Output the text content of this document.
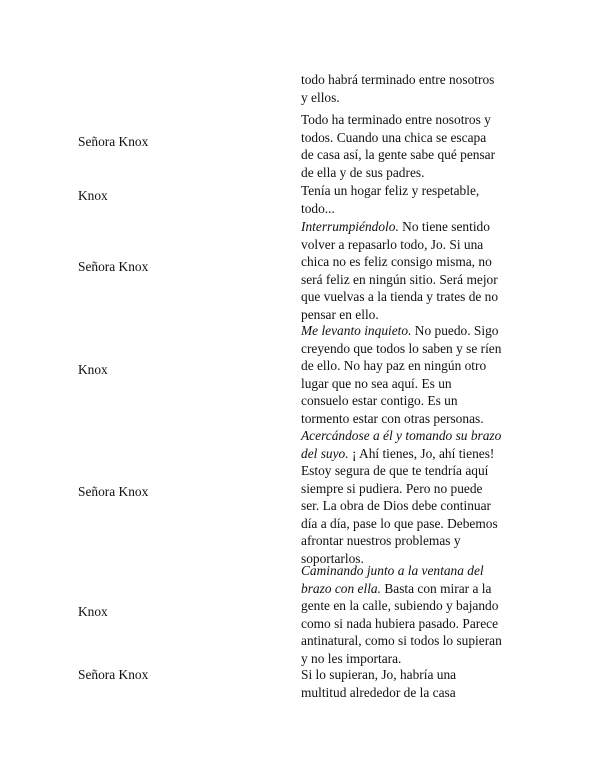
todo habrá terminado entre nosotros

y ellos.

Señora Knox

Todo ha terminado entre nosotros y

todos. Cuando una chica se escapa

de casa así, la gente sabe qué pensar

de ella y de sus padres.

Knox	Tenía un hogar feliz y respetable,

todo...

Señora Knox

Interrumpiéndolo. No tiene sentido

volver a repasarlo todo, Jo. Si una

chica no es feliz consigo misma, no

será feliz en ningún sitio. Será mejor

que vuelvas a la tienda y trates de no

pensar en ello.

Knox

Me levanto inquieto. No puedo. Sigo

creyendo que todos lo saben y se ríen

de ello. No hay paz en ningún otro

lugar que no sea aquí. Es un

consuelo estar contigo. Es un

tormento estar con otras personas.

Señora Knox

Acercándose a él y tomando su brazo

del suyo. ¡ Ahí tienes, Jo, ahí tienes!

Estoy segura de que te tendría aquí

siempre si pudiera. Pero no puede

ser. La obra de Dios debe continuar

día a día, pase lo que pase. Debemos

afrontar nuestros problemas y

soportarlos.

Knox

Caminando junto a la ventana del

brazo con ella. Basta con mirar a la

gente en la calle, subiendo y bajando

como si nada hubiera pasado. Parece

antinatural, como si todos lo supieran

y no les importara.

Señora Knox	Si lo supieran, Jo, habría una

multitud alrededor de la casa
